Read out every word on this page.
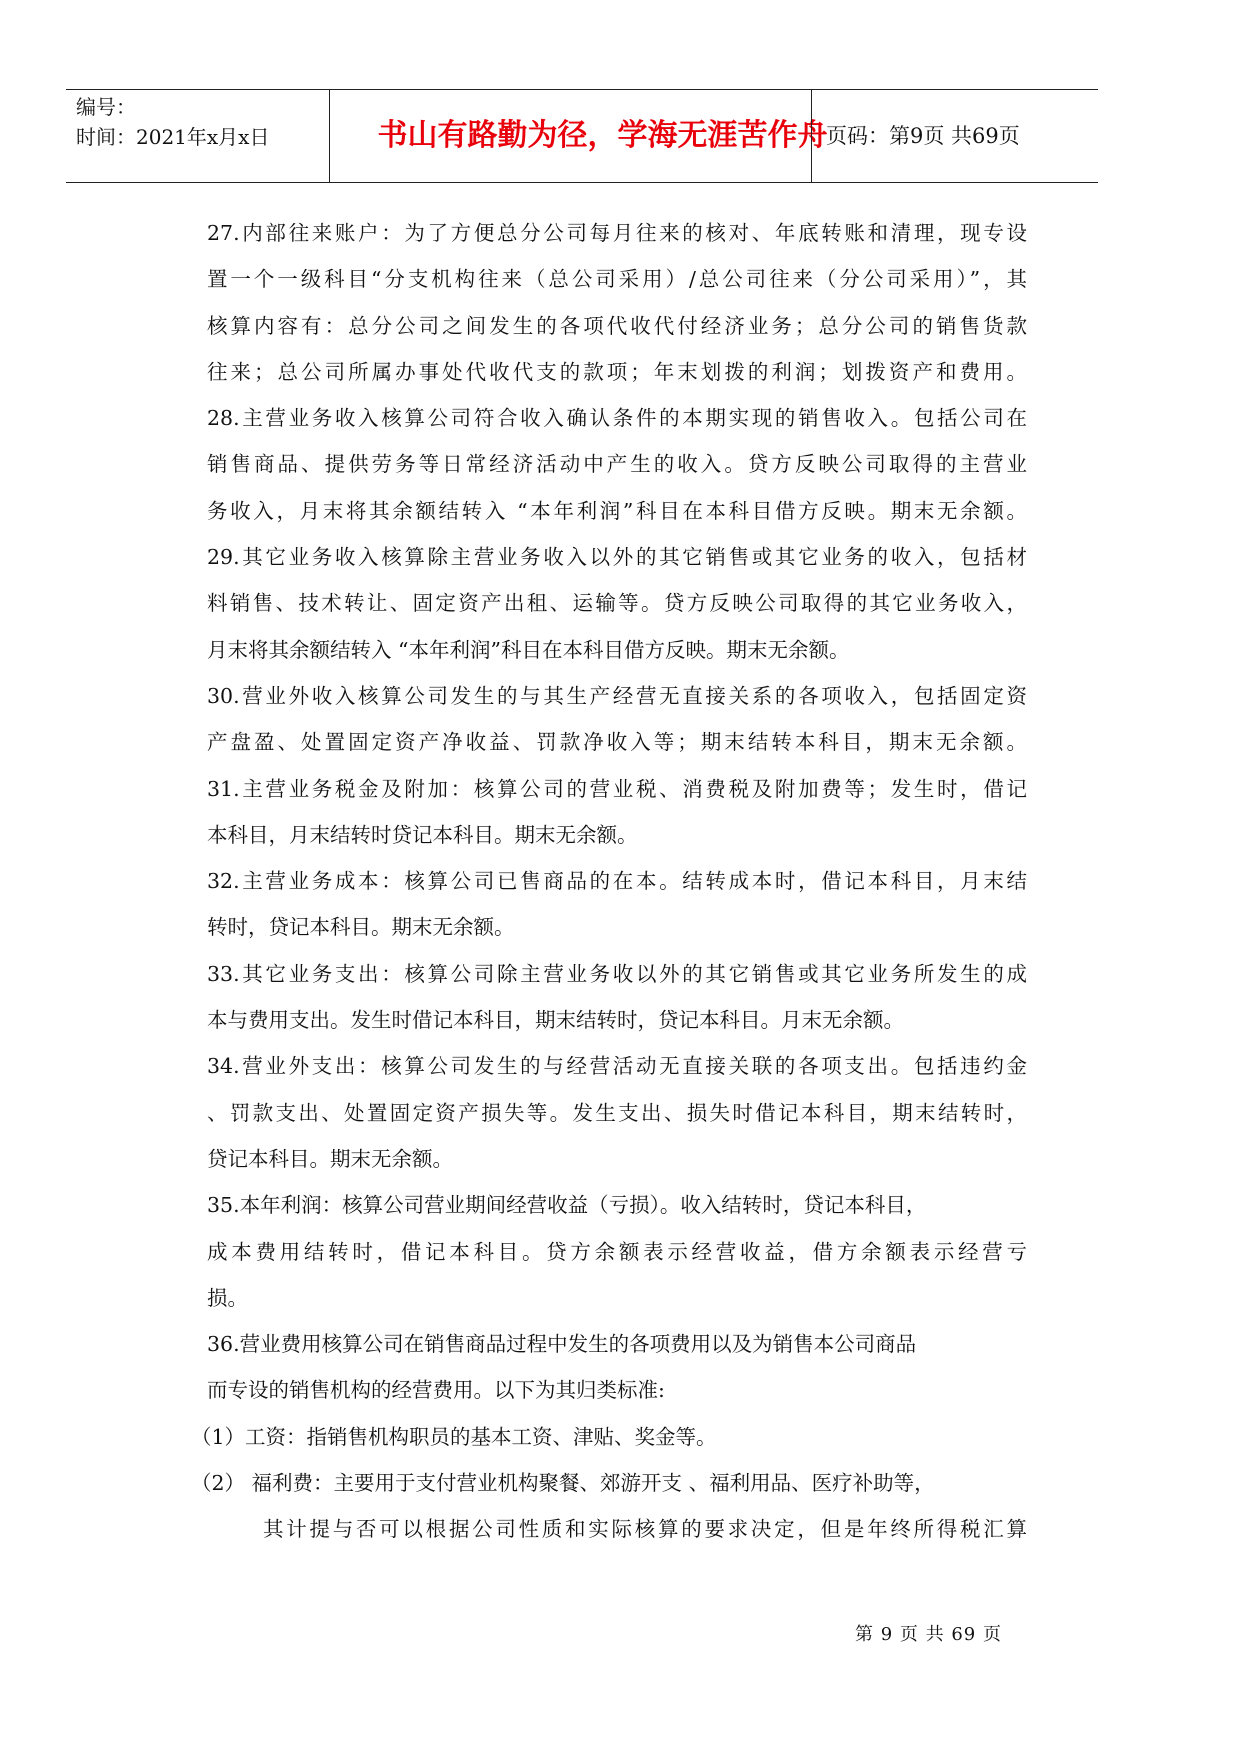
编号：
时间：2021年x月x日	书山有路勤为径，学海无涯苦作舟
页码：第9页 共69页
27.内部往来账户：为了方便总分公司每月往来的核对、年底转账和清理，现专设
置一个一级科目“分支机构往来（总公司采用）/总公司往来（分公司采用）”，其
核算内容有：总分公司之间发生的各项代收代付经济业务；总分公司的销售货款
往来；总公司所属办事处代收代支的款项；年末划拨的利润；划拨资产和费用。
28.主营业务收入核算公司符合收入确认条件的本期实现的销售收入。包括公司在
销售商品、提供劳务等日常经济活动中产生的收入。贷方反映公司取得的主营业
务收入，月末将其余额结转入 “本年利润”科目在本科目借方反映。期末无余额。
29.其它业务收入核算除主营业务收入以外的其它销售或其它业务的收入，包括材
料销售、技术转让、固定资产出租、运输等。贷方反映公司取得的其它业务收入，
月末将其余额结转入 “本年利润”科目在本科目借方反映。期末无余额。
30.营业外收入核算公司发生的与其生产经营无直接关系的各项收入，包括固定资
产盘盈、处置固定资产净收益、罚款净收入等；期末结转本科目，期末无余额。
31.主营业务税金及附加：核算公司的营业税、消费税及附加费等；发生时，借记
本科目，月末结转时贷记本科目。期末无余额。
32.主营业务成本：核算公司已售商品的在本。结转成本时，借记本科目，月末结
转时，贷记本科目。期末无余额。
33.其它业务支出：核算公司除主营业务收以外的其它销售或其它业务所发生的成
本与费用支出。发生时借记本科目，期末结转时，贷记本科目。月末无余额。
34.营业外支出：核算公司发生的与经营活动无直接关联的各项支出。包括违约金
、罚款支出、处置固定资产损失等。发生支出、损失时借记本科目，期末结转时，
贷记本科目。期末无余额。
35.本年利润：核算公司营业期间经营收益（亏损）。收入结转时，贷记本科目，
成本费用结转时，借记本科目。贷方余额表示经营收益，借方余额表示经营亏
损。
36.营业费用核算公司在销售商品过程中发生的各项费用以及为销售本公司商品
而专设的销售机构的经营费用。以下为其归类标准:
（1）工资：指销售机构职员的基本工资、津贴、奖金等。
（2） 福利费：主要用于支付营业机构聚餐、郊游开支 、福利用品、医疗补助等，
其计提与否可以根据公司性质和实际核算的要求决定，但是年终所得税汇算
第 9 页 共 69 页
